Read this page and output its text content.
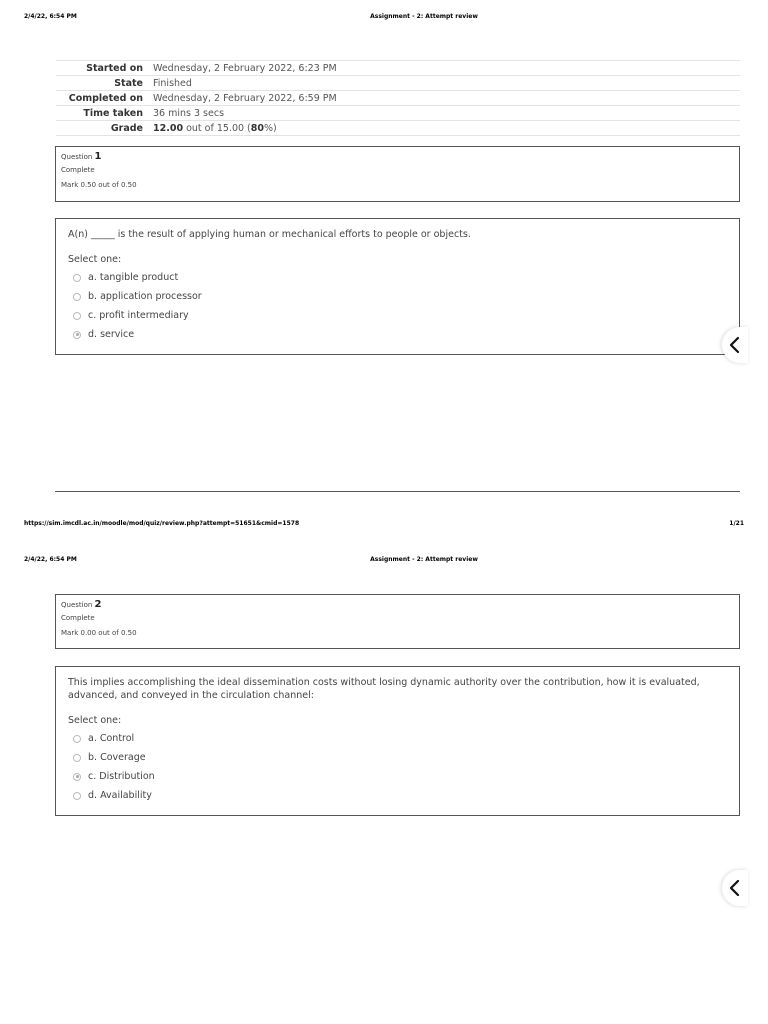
2/4/22, 6:54 PM	Assignment - 2: Attempt review
Started on	Wednesday, 2 February 2022, 6:23 PM
State	Finished
Completed on	Wednesday, 2 February 2022, 6:59 PM
Time taken	36 mins 3 secs
Grade	12.00 out of 15.00 (80%)
Question 1
Complete
Mark 0.50 out of 0.50
A(n) _____ is the result of applying human or mechanical efforts to people or objects.
Select one:
a. tangible product
b. application processor
c. profit intermediary
d. service
https://sim.imcdl.ac.in/moodle/mod/quiz/review.php?attempt=51651&cmid=1578	1/21
2/4/22, 6:54 PM	Assignment - 2: Attempt review
Question 2
Complete
Mark 0.00 out of 0.50
This implies accomplishing the ideal dissemination costs without losing dynamic authority over the contribution, how it is evaluated, advanced, and conveyed in the circulation channel:
Select one:
a. Control
b. Coverage
c. Distribution
d. Availability
